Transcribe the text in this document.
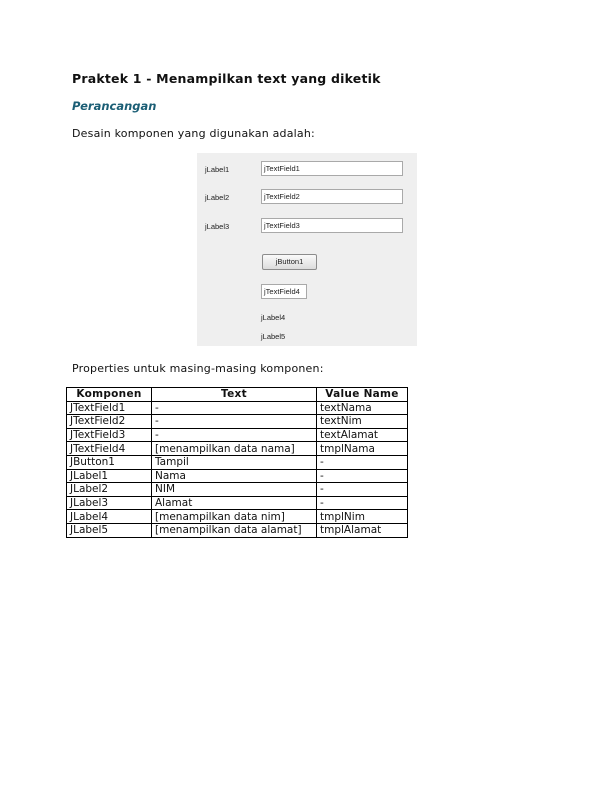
Praktek 1 - Menampilkan text yang diketik
Perancangan
Desain komponen yang digunakan adalah:
jLabel1	jTextField1
jLabel2	jTextField2
jLabel3	jTextField3
jButton1
jTextField4
jLabel4
jLabel5
Properties untuk masing-masing komponen:
Komponen	Text	Value Name
JTextField1	-	textNama
JTextField2	-	textNim
JTextField3	-	textAlamat
JTextField4	[menampilkan data nama]	tmplNama
JButton1	Tampil	-
JLabel1	Nama	-
JLabel2	NIM	-
JLabel3	Alamat	-
JLabel4	[menampilkan data nim]	tmplNim
JLabel5	[menampilkan data alamat]	tmplAlamat
